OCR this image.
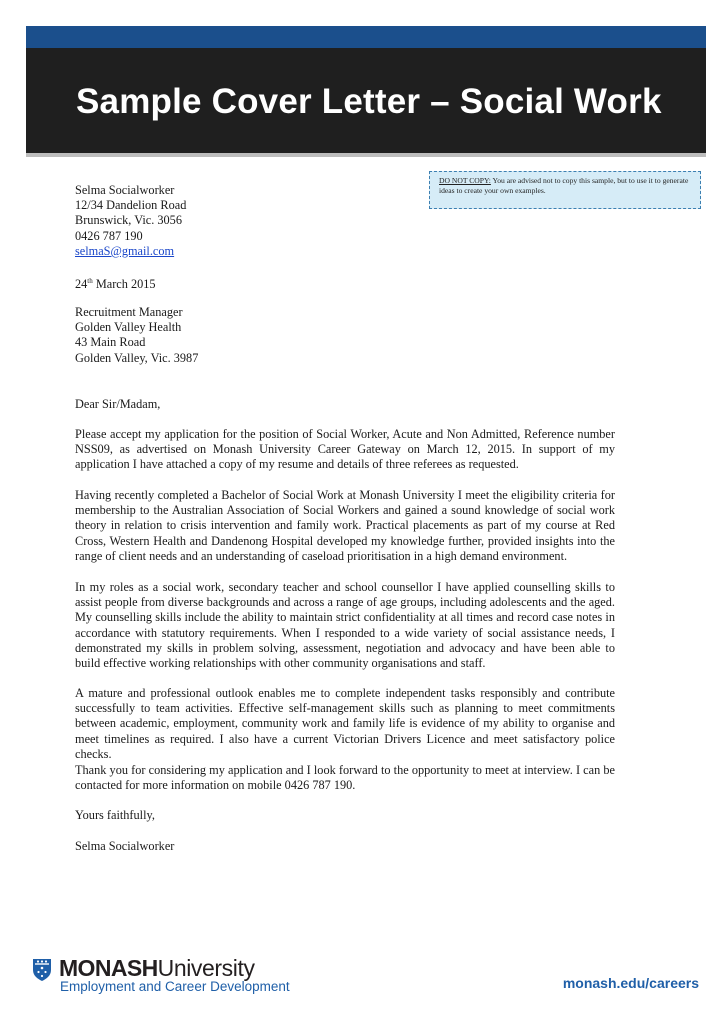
Sample Cover Letter – Social Work
DO NOT COPY: You are advised not to copy this sample, but to use it to generate ideas to create your own examples.
Selma Socialworker
12/34 Dandelion Road
Brunswick, Vic. 3056
0426 787 190
selmaS@gmail.com
24th March 2015
Recruitment Manager
Golden Valley Health
43 Main Road
Golden Valley, Vic. 3987
Dear Sir/Madam,

Please accept my application for the position of Social Worker, Acute and Non Admitted, Reference number NSS09, as advertised on Monash University Career Gateway on March 12, 2015. In support of my application I have attached a copy of my resume and details of three referees as requested.

Having recently completed a Bachelor of Social Work at Monash University I meet the eligibility criteria for membership to the Australian Association of Social Workers and gained a sound knowledge of social work theory in relation to crisis intervention and family work. Practical placements as part of my course at Red Cross, Western Health and Dandenong Hospital developed my knowledge further, provided insights into the range of client needs and an understanding of caseload prioritisation in a high demand environment.

In my roles as a social work, secondary teacher and school counsellor I have applied counselling skills to assist people from diverse backgrounds and across a range of age groups, including adolescents and the aged. My counselling skills include the ability to maintain strict confidentiality at all times and record case notes in accordance with statutory requirements. When I responded to a wide variety of social assistance needs, I demonstrated my skills in problem solving, assessment, negotiation and advocacy and have been able to build effective working relationships with other community organisations and staff.

A mature and professional outlook enables me to complete independent tasks responsibly and contribute successfully to team activities. Effective self-management skills such as planning to meet commitments between academic, employment, community work and family life is evidence of my ability to organise and meet timelines as required. I also have a current Victorian Drivers Licence and meet satisfactory police checks.

Thank you for considering my application and I look forward to the opportunity to meet at interview. I can be contacted for more information on mobile 0426 787 190.

Yours faithfully,
Selma Socialworker
MONASHUniversity
Employment and Career Development	monash.edu/careers
